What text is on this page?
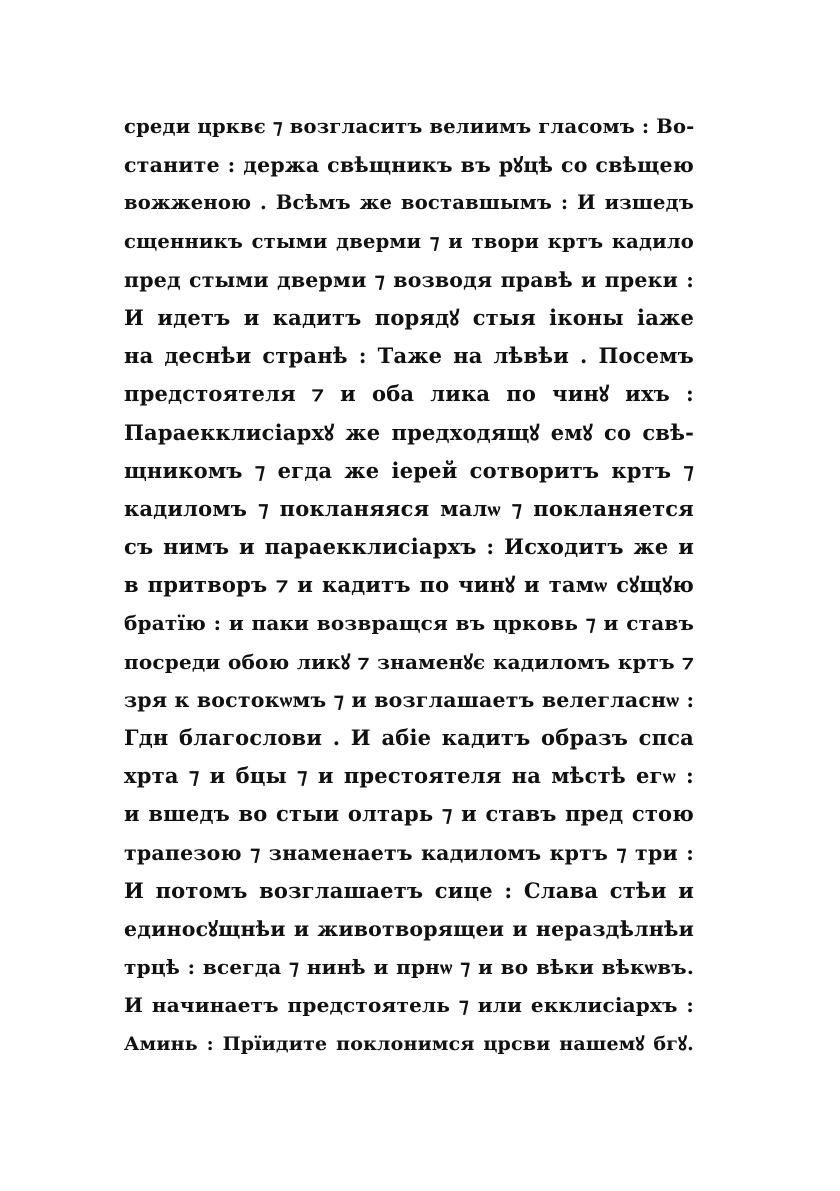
среди црквє ⁊ возгласитъ велиимъ гласомъ : Во-
станите : держа свѣщникъ въ рꙋцѣ со свѣщею
вожженою . Всѣмъ же воставшымъ : И изшедъ
сщенникъ стыми дверми ⁊ и твори кртъ кадило
пред стыми дверми ⁊ возводя правѣ и преки :
И идетъ и кадитъ порядꙋ стыя іконы іаже
на деснѣи странѣ : Таже на лѣвѣи . Посемъ
предстоятеля ⁊ и оба лика по чинꙋ ихъ :
Параекклисіархꙋ же предходящꙋ емꙋ со свѣ-
щникомъ ⁊ егда же іерей сотворитъ кртъ ⁊
кадиломъ ⁊ покланяяся малѡ ⁊ покланяется
съ нимъ и параекклисіархъ : Исходитъ же и
в притворъ ⁊ и кадитъ по чинꙋ и тамѡ сꙋщꙋю
братїю : и паки возвращся въ црковь ⁊ и ставъ
посреди обою ликꙋ ⁊ знаменꙋє кадиломъ кртъ ⁊
зря к востокѡмъ ⁊ и возглашаетъ велегласнѡ :
Гдн благослови . И абіе кадитъ образъ спса
хрта ⁊ и бцы ⁊ и престоятеля на мѣстѣ егѡ :
и вшедъ во стыи олтарь ⁊ и ставъ пред стою
трапезою ⁊ знаменаетъ кадиломъ кртъ ⁊ три :
И потомъ возглашаетъ сице : Слава стѣи и
единосꙋщнѣи и животворящеи и нераздѣлнѣи
трцѣ : всегда ⁊ нинѣ и прнѡ ⁊ и во вѣки вѣкѡвъ.
И начинаетъ предстоятель ⁊ или екклисіархъ :
Аминь : Прїидите поклонимся црсви нашемꙋ бгꙋ.
